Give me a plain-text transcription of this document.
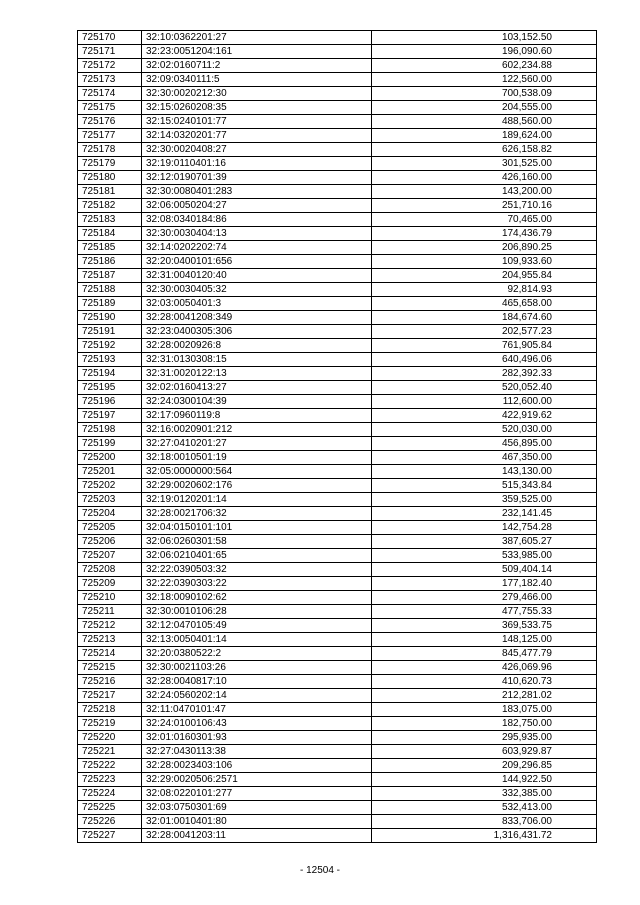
725170	32:10:0362201:27	103,152.50
725171	32:23:0051204:161	196,090.60
725172	32:02:0160711:2	602,234.88
725173	32:09:0340111:5	122,560.00
725174	32:30:0020212:30	700,538.09
725175	32:15:0260208:35	204,555.00
725176	32:15:0240101:77	488,560.00
725177	32:14:0320201:77	189,624.00
725178	32:30:0020408:27	626,158.82
725179	32:19:0110401:16	301,525.00
725180	32:12:0190701:39	426,160.00
725181	32:30:0080401:283	143,200.00
725182	32:06:0050204:27	251,710.16
725183	32:08:0340184:86	70,465.00
725184	32:30:0030404:13	174,436.79
725185	32:14:0202202:74	206,890.25
725186	32:20:0400101:656	109,933.60
725187	32:31:0040120:40	204,955.84
725188	32:30:0030405:32	92,814.93
725189	32:03:0050401:3	465,658.00
725190	32:28:0041208:349	184,674.60
725191	32:23:0400305:306	202,577.23
725192	32:28:0020926:8	761,905.84
725193	32:31:0130308:15	640,496.06
725194	32:31:0020122:13	282,392.33
725195	32:02:0160413:27	520,052.40
725196	32:24:0300104:39	112,600.00
725197	32:17:0960119:8	422,919.62
725198	32:16:0020901:212	520,030.00
725199	32:27:0410201:27	456,895.00
725200	32:18:0010501:19	467,350.00
725201	32:05:0000000:564	143,130.00
725202	32:29:0020602:176	515,343.84
725203	32:19:0120201:14	359,525.00
725204	32:28:0021706:32	232,141.45
725205	32:04:0150101:101	142,754.28
725206	32:06:0260301:58	387,605.27
725207	32:06:0210401:65	533,985.00
725208	32:22:0390503:32	509,404.14
725209	32:22:0390303:22	177,182.40
725210	32:18:0090102:62	279,466.00
725211	32:30:0010106:28	477,755.33
725212	32:12:0470105:49	369,533.75
725213	32:13:0050401:14	148,125.00
725214	32:20:0380522:2	845,477.79
725215	32:30:0021103:26	426,069.96
725216	32:28:0040817:10	410,620.73
725217	32:24:0560202:14	212,281.02
725218	32:11:0470101:47	183,075.00
725219	32:24:0100106:43	182,750.00
725220	32:01:0160301:93	295,935.00
725221	32:27:0430113:38	603,929.87
725222	32:28:0023403:106	209,296.85
725223	32:29:0020506:2571	144,922.50
725224	32:08:0220101:277	332,385.00
725225	32:03:0750301:69	532,413.00
725226	32:01:0010401:80	833,706.00
725227	32:28:0041203:11	1,316,431.72
- 12504 -
